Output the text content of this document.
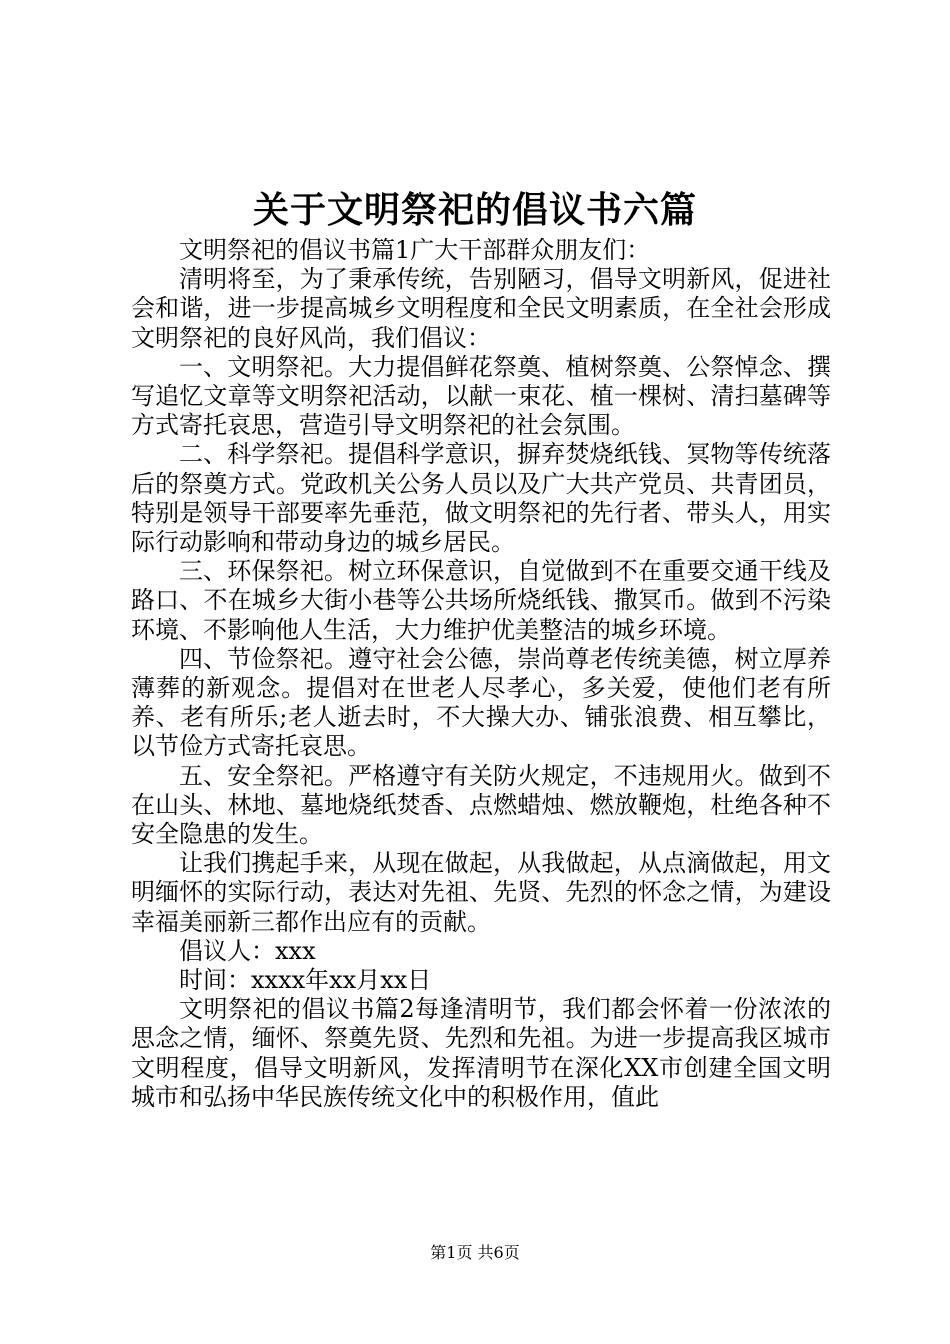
关于文明祭祀的倡议书六篇

文明祭祀的倡议书篇1广大干部群众朋友们：

清明将至，为了秉承传统，告别陋习，倡导文明新风，促进社会和谐，进一步提高城乡文明程度和全民文明素质，在全社会形成文明祭祀的良好风尚，我们倡议：

一、文明祭祀。大力提倡鲜花祭奠、植树祭奠、公祭悼念、撰写追忆文章等文明祭祀活动，以献一束花、植一棵树、清扫墓碑等方式寄托哀思，营造引导文明祭祀的社会氛围。

二、科学祭祀。提倡科学意识，摒弃焚烧纸钱、冥物等传统落后的祭奠方式。党政机关公务人员以及广大共产党员、共青团员，特别是领导干部要率先垂范，做文明祭祀的先行者、带头人，用实际行动影响和带动身边的城乡居民。

三、环保祭祀。树立环保意识，自觉做到不在重要交通干线及路口、不在城乡大街小巷等公共场所烧纸钱、撒冥币。做到不污染环境、不影响他人生活，大力维护优美整洁的城乡环境。

四、节俭祭祀。遵守社会公德，崇尚尊老传统美德，树立厚养薄葬的新观念。提倡对在世老人尽孝心，多关爱，使他们老有所养、老有所乐;老人逝去时，不大操大办、铺张浪费、相互攀比，以节俭方式寄托哀思。

五、安全祭祀。严格遵守有关防火规定，不违规用火。做到不在山头、林地、墓地烧纸焚香、点燃蜡烛、燃放鞭炮，杜绝各种不安全隐患的发生。

让我们携起手来，从现在做起，从我做起，从点滴做起，用文明缅怀的实际行动，表达对先祖、先贤、先烈的怀念之情，为建设幸福美丽新三都作出应有的贡献。

倡议人：xxx

时间：xxxx年xx月xx日

文明祭祀的倡议书篇2每逢清明节，我们都会怀着一份浓浓的思念之情，缅怀、祭奠先贤、先烈和先祖。为进一步提高我区城市文明程度，倡导文明新风，发挥清明节在深化XX市创建全国文明城市和弘扬中华民族传统文化中的积极作用，值此

第1页 共6页
